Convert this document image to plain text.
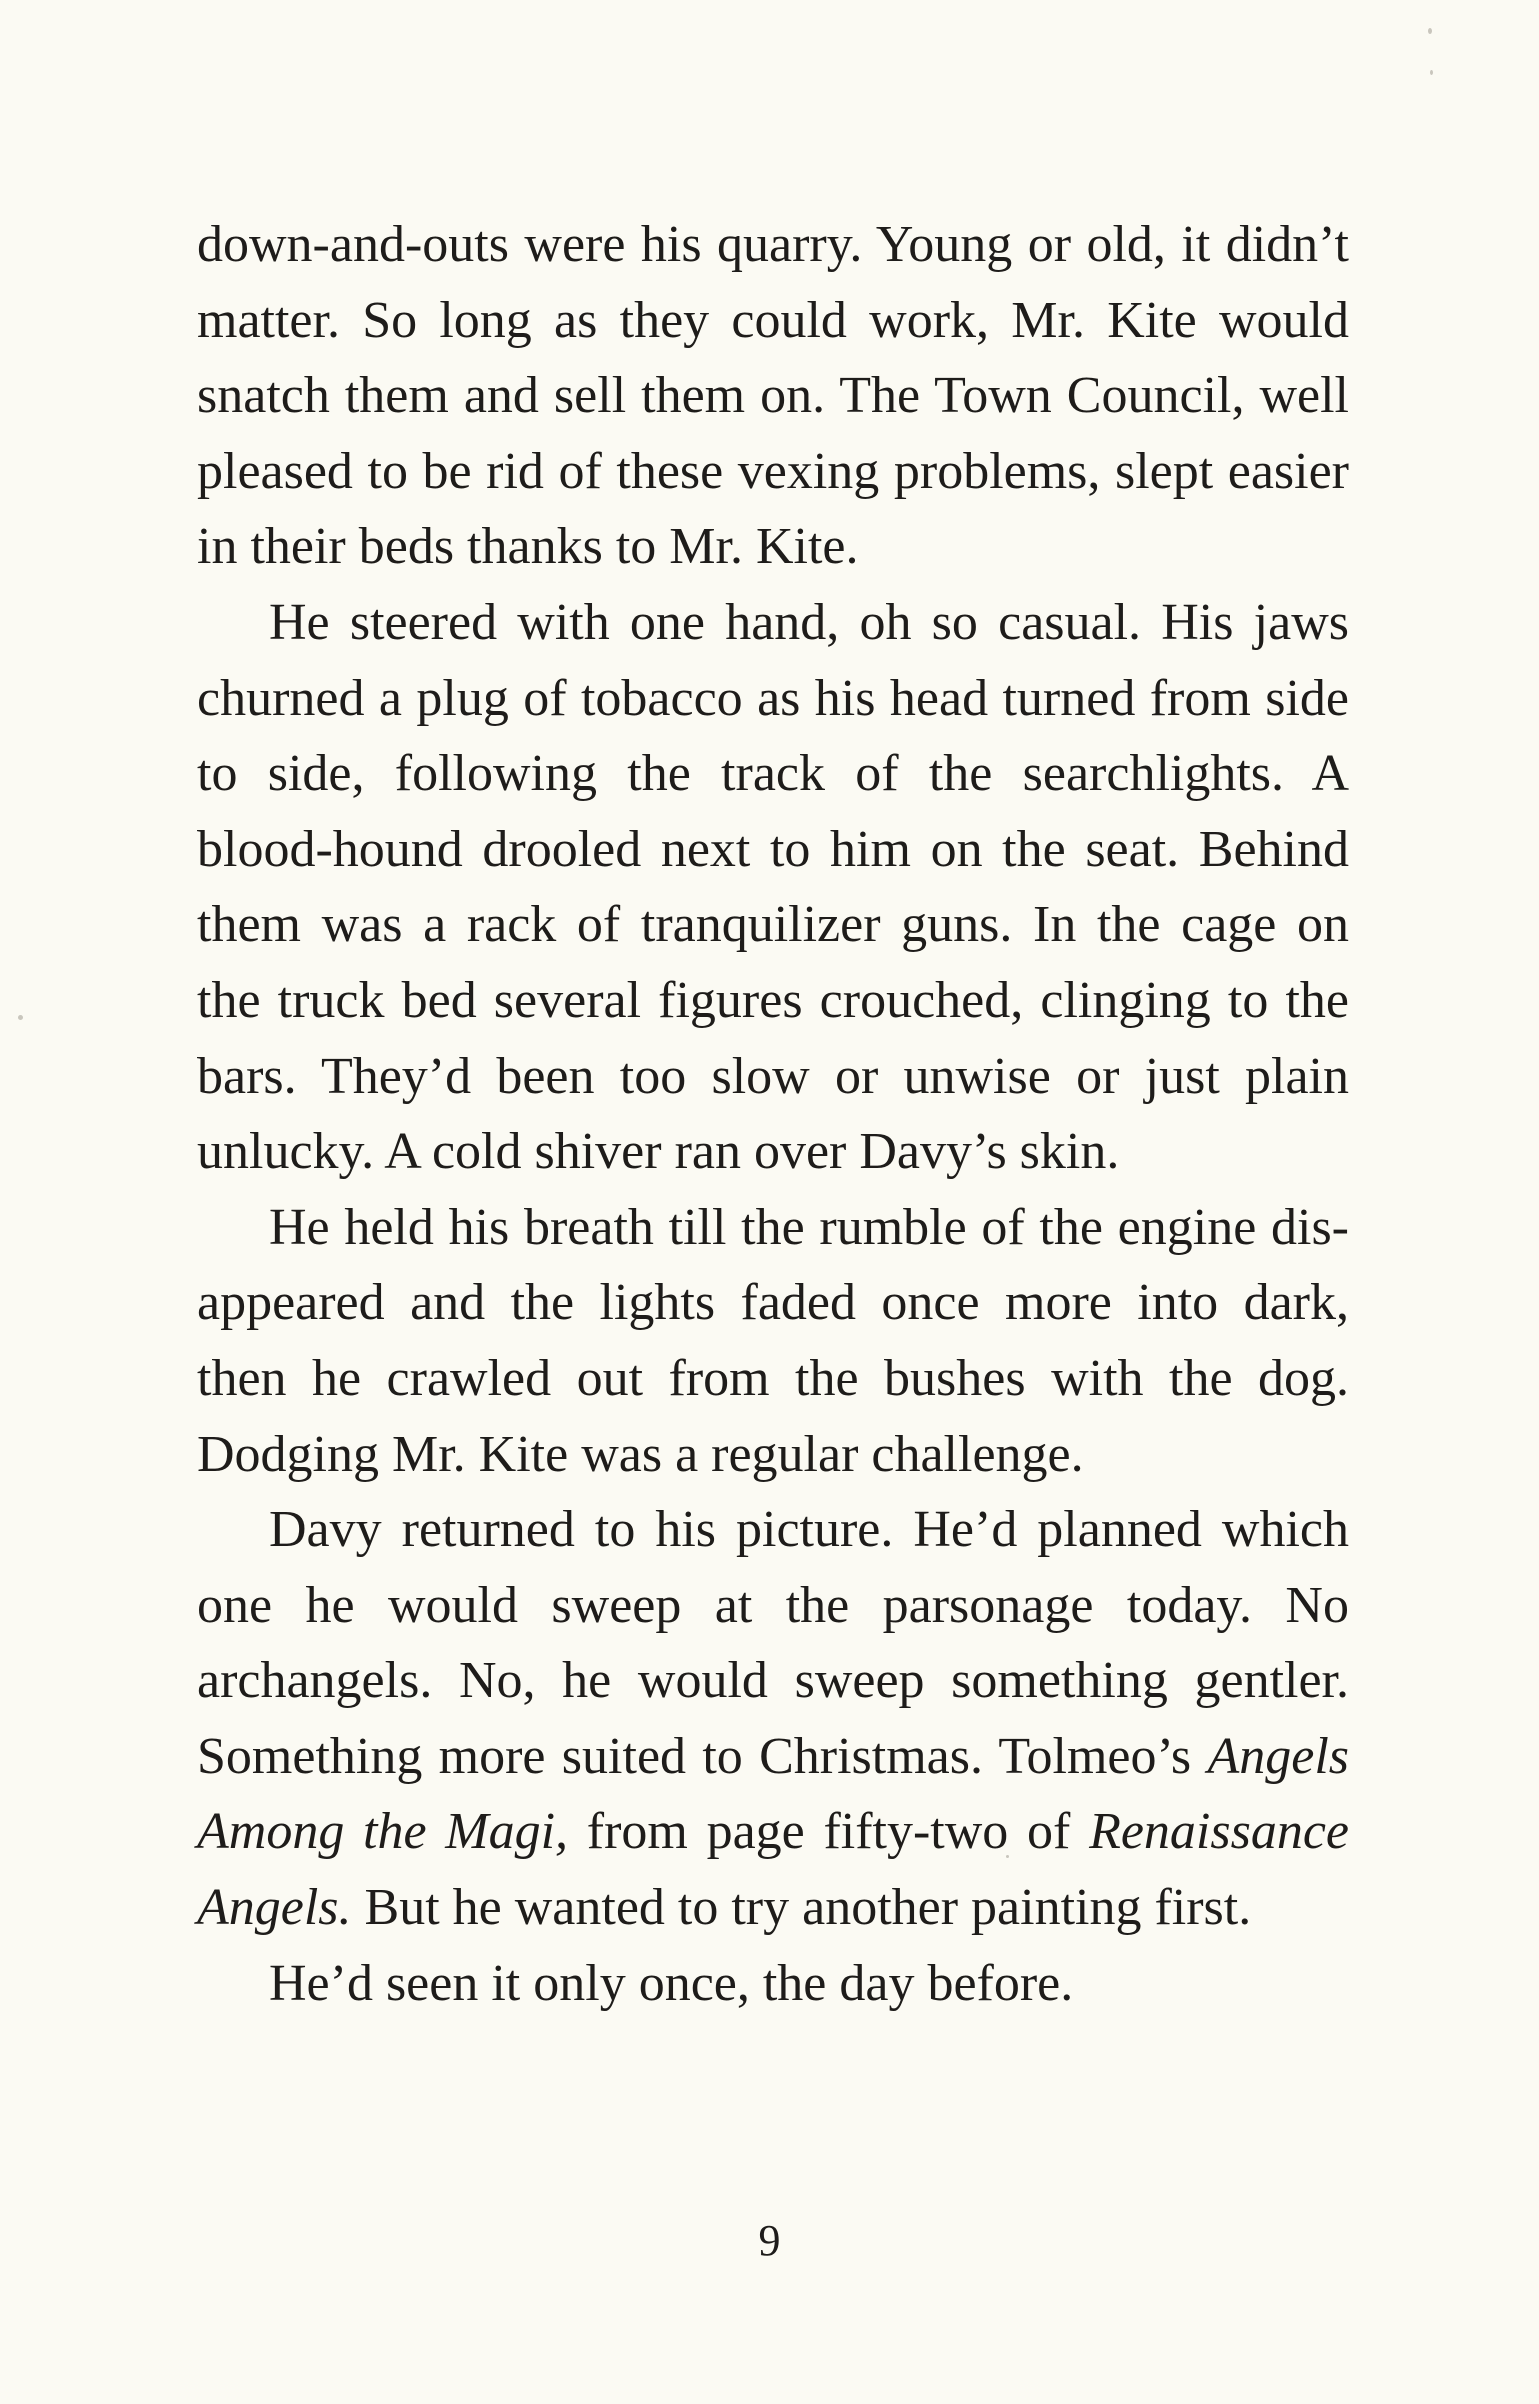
down-and-outs were his quarry. Young or old, it didn’t matter. So long as they could work, Mr. Kite would snatch them and sell them on. The Town Council, well pleased to be rid of these vexing problems, slept easier in their beds thanks to Mr. Kite.

He steered with one hand, oh so casual. His jaws churned a plug of tobacco as his head turned from side to side, following the track of the searchlights. A blood-hound drooled next to him on the seat. Behind them was a rack of tranquilizer guns. In the cage on the truck bed several figures crouched, clinging to the bars. They’d been too slow or unwise or just plain unlucky. A cold shiver ran over Davy’s skin.

He held his breath till the rumble of the engine dis-appeared and the lights faded once more into dark, then he crawled out from the bushes with the dog. Dodging Mr. Kite was a regular challenge.

Davy returned to his picture. He’d planned which one he would sweep at the parsonage today. No archangels. No, he would sweep something gentler. Something more suited to Christmas. Tolmeo’s Angels Among the Magi, from page fifty-two of Renaissance Angels. But he wanted to try another painting first.

He’d seen it only once, the day before.

9
